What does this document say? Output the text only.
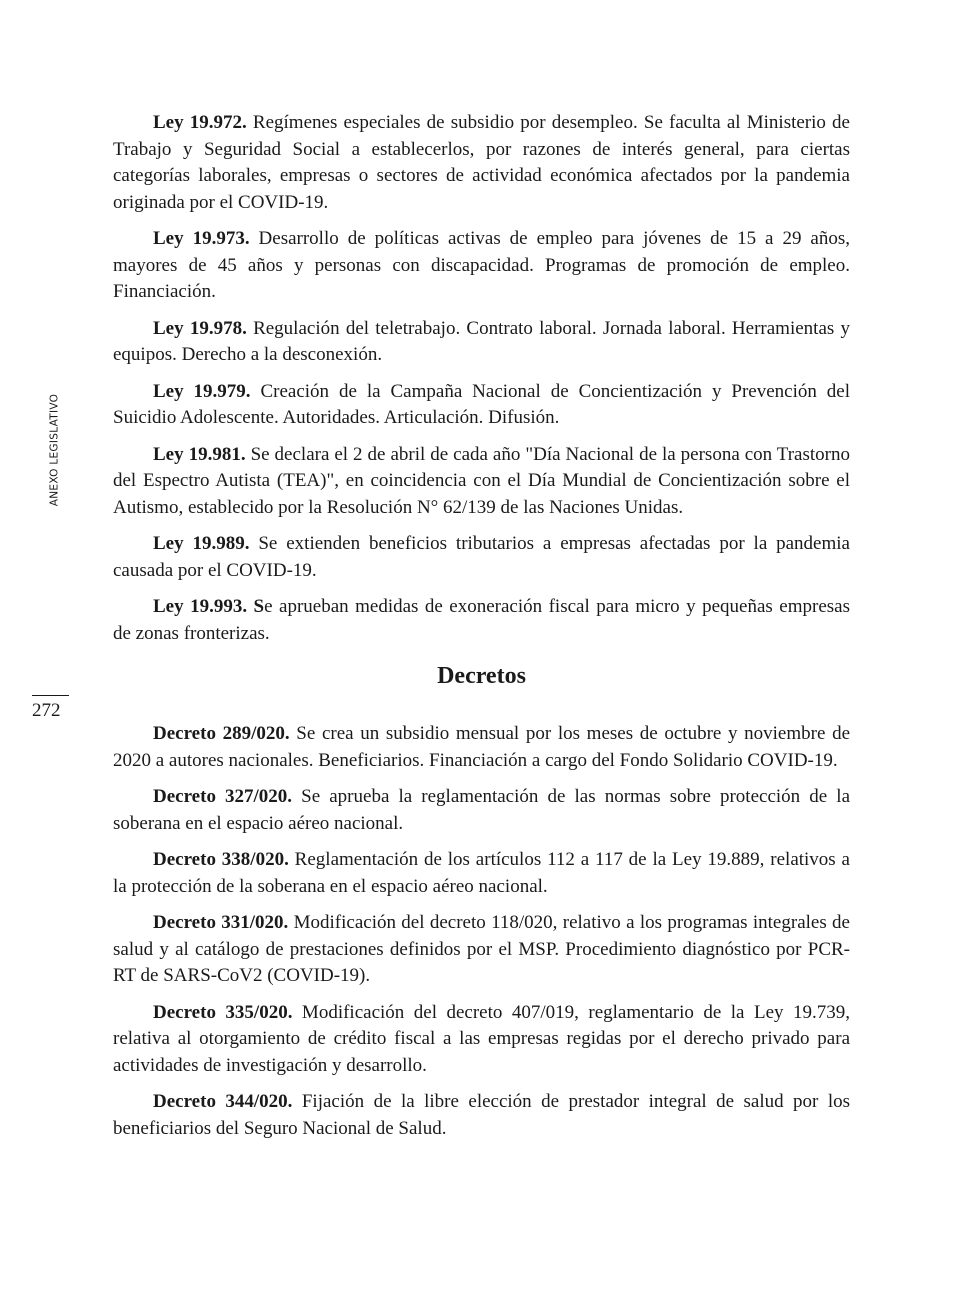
ANEXO LEGISLATIVO
272

Ley 19.972. Regímenes especiales de subsidio por desempleo. Se faculta al Ministerio de Trabajo y Seguridad Social a establecerlos, por razones de interés general, para ciertas categorías laborales, empresas o sectores de actividad económica afectados por la pandemia originada por el COVID-19.

Ley 19.973. Desarrollo de políticas activas de empleo para jóvenes de 15 a 29 años, mayores de 45 años y personas con discapacidad. Programas de promoción de empleo. Financiación.

Ley 19.978. Regulación del teletrabajo. Contrato laboral. Jornada laboral. Herramientas y equipos. Derecho a la desconexión.

Ley 19.979. Creación de la Campaña Nacional de Concientización y Prevención del Suicidio Adolescente. Autoridades. Articulación. Difusión.

Ley 19.981. Se declara el 2 de abril de cada año "Día Nacional de la persona con Trastorno del Espectro Autista (TEA)", en coincidencia con el Día Mundial de Concientización sobre el Autismo, establecido por la Resolución N° 62/139 de las Naciones Unidas.

Ley 19.989. Se extienden beneficios tributarios a empresas afectadas por la pandemia causada por el COVID-19.

Ley 19.993. Se aprueban medidas de exoneración fiscal para micro y pequeñas empresas de zonas fronterizas.

Decretos

Decreto 289/020. Se crea un subsidio mensual por los meses de octubre y noviembre de 2020 a autores nacionales. Beneficiarios. Financiación a cargo del Fondo Solidario COVID-19.

Decreto 327/020. Se aprueba la reglamentación de las normas sobre protección de la soberana en el espacio aéreo nacional.

Decreto 338/020. Reglamentación de los artículos 112 a 117 de la Ley 19.889, relativos a la protección de la soberana en el espacio aéreo nacional.

Decreto 331/020. Modificación del decreto 118/020, relativo a los programas integrales de salud y al catálogo de prestaciones definidos por el MSP. Procedimiento diagnóstico por PCR-RT de SARS-CoV2 (COVID-19).

Decreto 335/020. Modificación del decreto 407/019, reglamentario de la Ley 19.739, relativa al otorgamiento de crédito fiscal a las empresas regidas por el derecho privado para actividades de investigación y desarrollo.

Decreto 344/020. Fijación de la libre elección de prestador integral de salud por los beneficiarios del Seguro Nacional de Salud.
